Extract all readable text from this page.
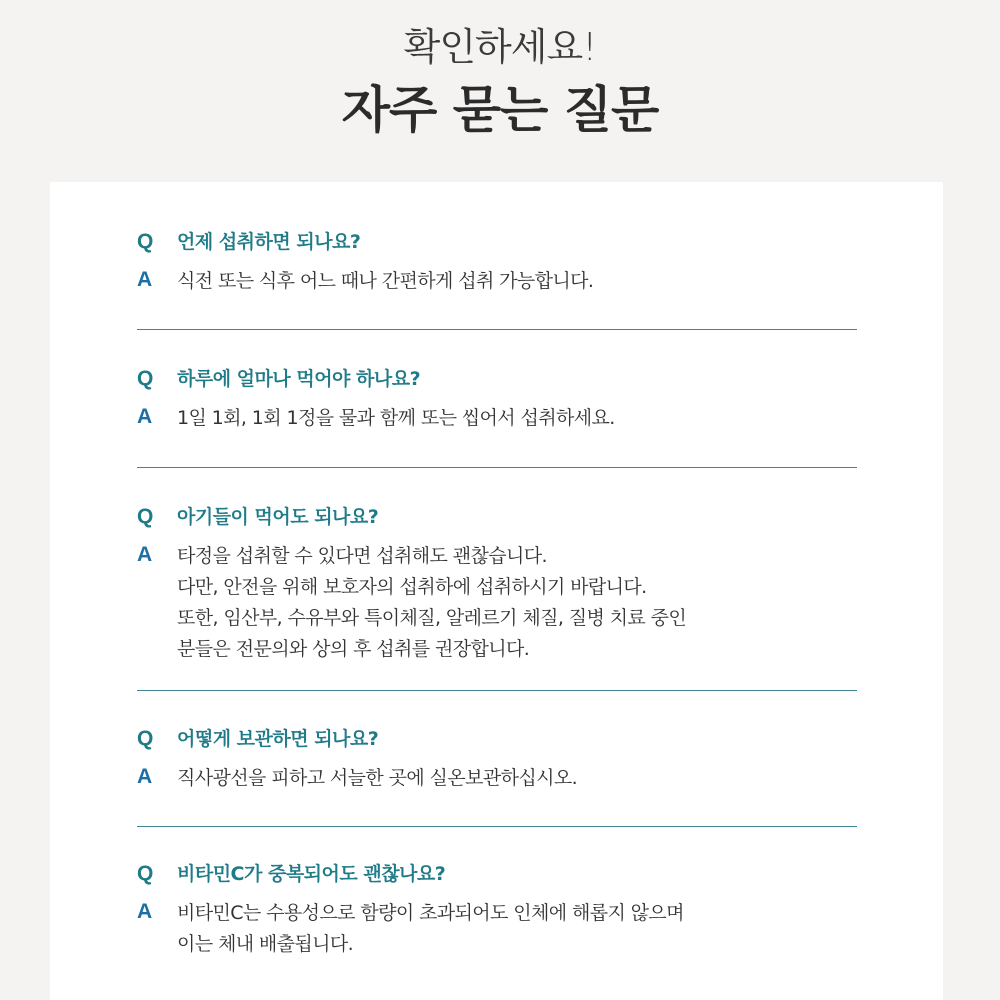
확인하세요!
자주 묻는 질문
Q	언제 섭취하면 되나요?
A	식전 또는 식후 어느 때나 간편하게 섭취 가능합니다.
Q	하루에 얼마나 먹어야 하나요?
A	1일 1회, 1회 1정을 물과 함께 또는 씹어서 섭취하세요.
Q	아기들이 먹어도 되나요?
A	타정을 섭취할 수 있다면 섭취해도 괜찮습니다.
다만, 안전을 위해 보호자의 섭취하에 섭취하시기 바랍니다.
또한, 임산부, 수유부와 특이체질, 알레르기 체질, 질병 치료 중인
분들은 전문의와 상의 후 섭취를 권장합니다.
Q	어떻게 보관하면 되나요?
A	직사광선을 피하고 서늘한 곳에 실온보관하십시오.
Q	비타민C가 중복되어도 괜찮나요?
A	비타민C는 수용성으로 함량이 초과되어도 인체에 해롭지 않으며
이는 체내 배출됩니다.
